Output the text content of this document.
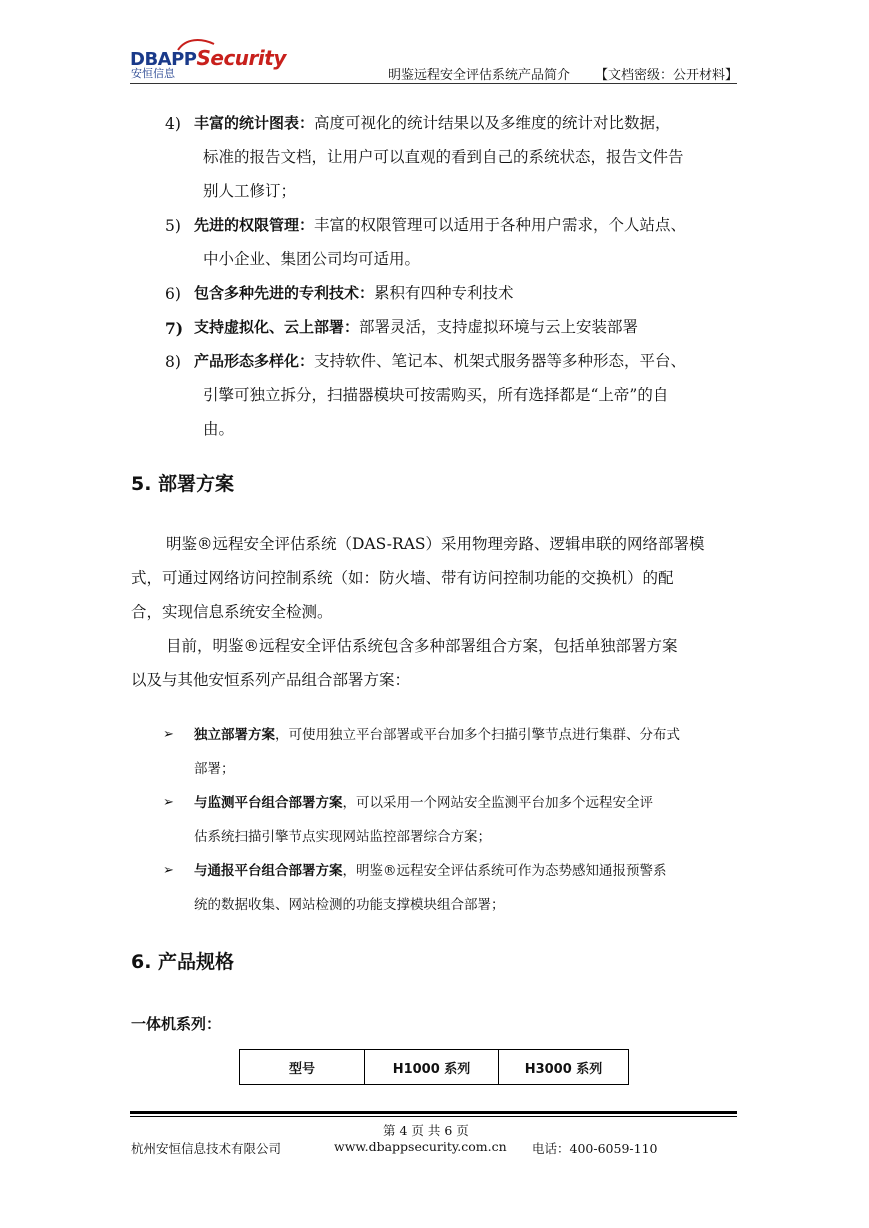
DBAPPSecurity
安恒信息	明鉴远程安全评估系统产品简介 【文档密级：公开材料】
4) 丰富的统计图表：高度可视化的统计结果以及多维度的统计对比数据，
标准的报告文档，让用户可以直观的看到自己的系统状态，报告文件告
别人工修订；
5) 先进的权限管理：丰富的权限管理可以适用于各种用户需求，个人站点、
中小企业、集团公司均可适用。
6) 包含多种先进的专利技术：累积有四种专利技术
7) 支持虚拟化、云上部署：部署灵活，支持虚拟环境与云上安装部署
8) 产品形态多样化：支持软件、笔记本、机架式服务器等多种形态，平台、
引擎可独立拆分，扫描器模块可按需购买，所有选择都是“上帝”的自
由。
5. 部署方案
明鉴®远程安全评估系统（DAS-RAS）采用物理旁路、逻辑串联的网络部署模
式，可通过网络访问控制系统（如：防火墙、带有访问控制功能的交换机）的配
合，实现信息系统安全检测。
目前，明鉴®远程安全评估系统包含多种部署组合方案，包括单独部署方案
以及与其他安恒系列产品组合部署方案：
➢ 独立部署方案，可使用独立平台部署或平台加多个扫描引擎节点进行集群、分布式
部署；
➢ 与监测平台组合部署方案，可以采用一个网站安全监测平台加多个远程安全评
估系统扫描引擎节点实现网站监控部署综合方案；
➢ 与通报平台组合部署方案，明鉴®远程安全评估系统可作为态势感知通报预警系
统的数据收集、网站检测的功能支撑模块组合部署；
6. 产品规格
一体机系列：
型号	H1000 系列	H3000 系列
第 4 页 共 6 页
杭州安恒信息技术有限公司	www.dbappsecurity.com.cn 电话：400-6059-110
